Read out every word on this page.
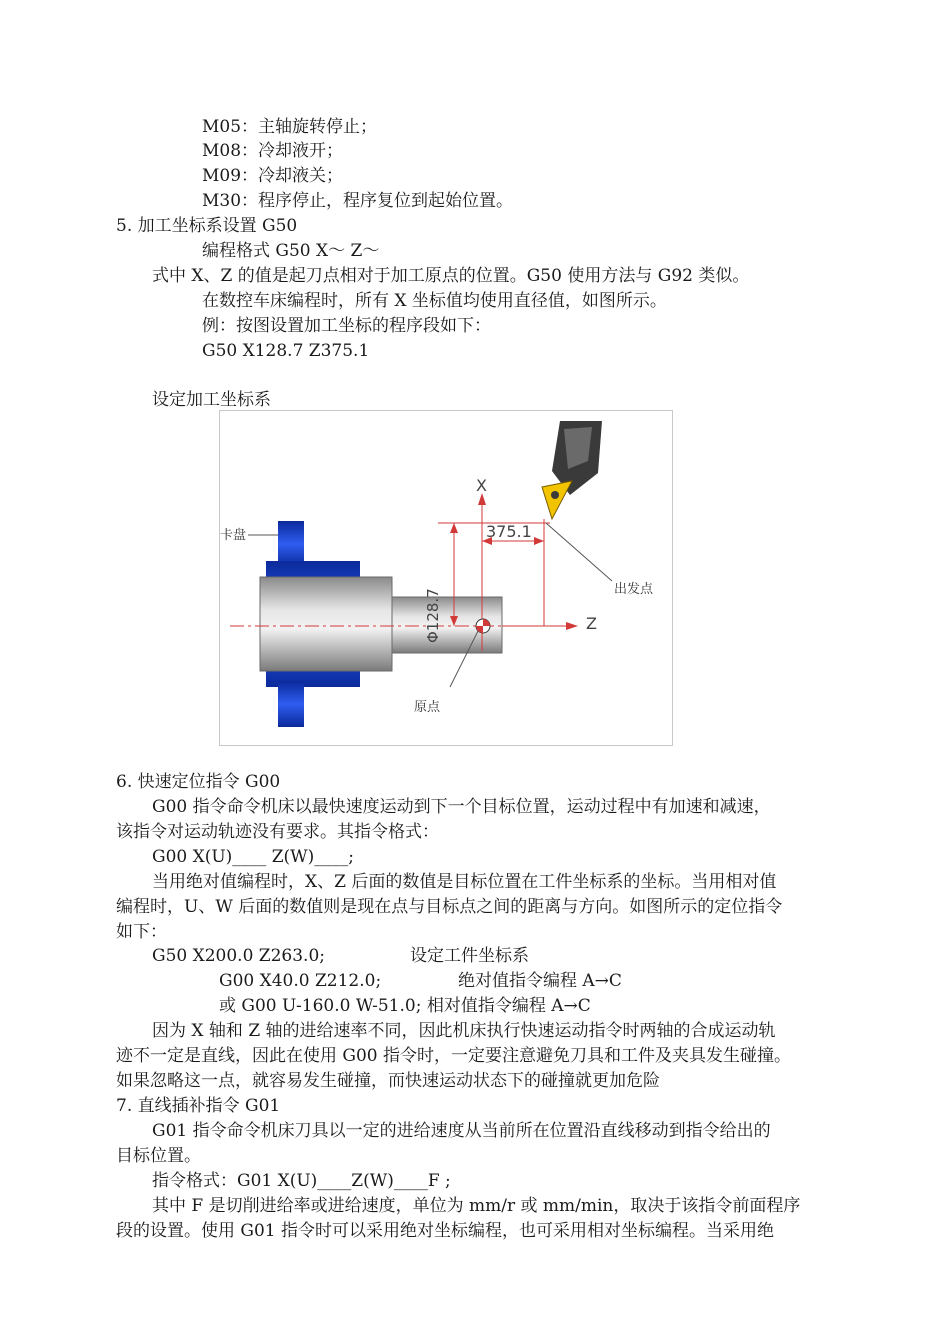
M05：主轴旋转停止；
M08：冷却液开；
M09：冷却液关；
M30：程序停止，程序复位到起始位置。
5. 加工坐标系设置 G50
编程格式 G50 X～ Z～
式中 X、Z 的值是起刀点相对于加工原点的位置。G50 使用方法与 G92 类似。
在数控车床编程时，所有 X 坐标值均使用直径值，如图所示。
例：按图设置加工坐标的程序段如下：
G50 X128.7 Z375.1
设定加工坐标系
Z
X
Φ128.7
375.1
出发点
原点
卡盘
6. 快速定位指令 G00
G00 指令命令机床以最快速度运动到下一个目标位置，运动过程中有加速和减速，
该指令对运动轨迹没有要求。其指令格式：
G00 X(U)____ Z(W)____;
当用绝对值编程时，X、Z 后面的数值是目标位置在工件坐标系的坐标。当用相对值
编程时，U、W 后面的数值则是现在点与目标点之间的距离与方向。如图所示的定位指令
如下：
G50 X200.0 Z263.0;	设定工件坐标系
G00 X40.0 Z212.0;	绝对值指令编程 A→C
或 G00 U-160.0 W-51.0; 相对值指令编程 A→C
因为 X 轴和 Z 轴的进给速率不同，因此机床执行快速运动指令时两轴的合成运动轨
迹不一定是直线，因此在使用 G00 指令时，一定要注意避免刀具和工件及夹具发生碰撞。
如果忽略这一点，就容易发生碰撞，而快速运动状态下的碰撞就更加危险
7. 直线插补指令 G01
G01 指令命令机床刀具以一定的进给速度从当前所在位置沿直线移动到指令给出的
目标位置。
指令格式：G01 X(U)____Z(W)____F ;
其中 F 是切削进给率或进给速度，单位为 mm/r 或 mm/min，取决于该指令前面程序
段的设置。使用 G01 指令时可以采用绝对坐标编程，也可采用相对坐标编程。当采用绝
